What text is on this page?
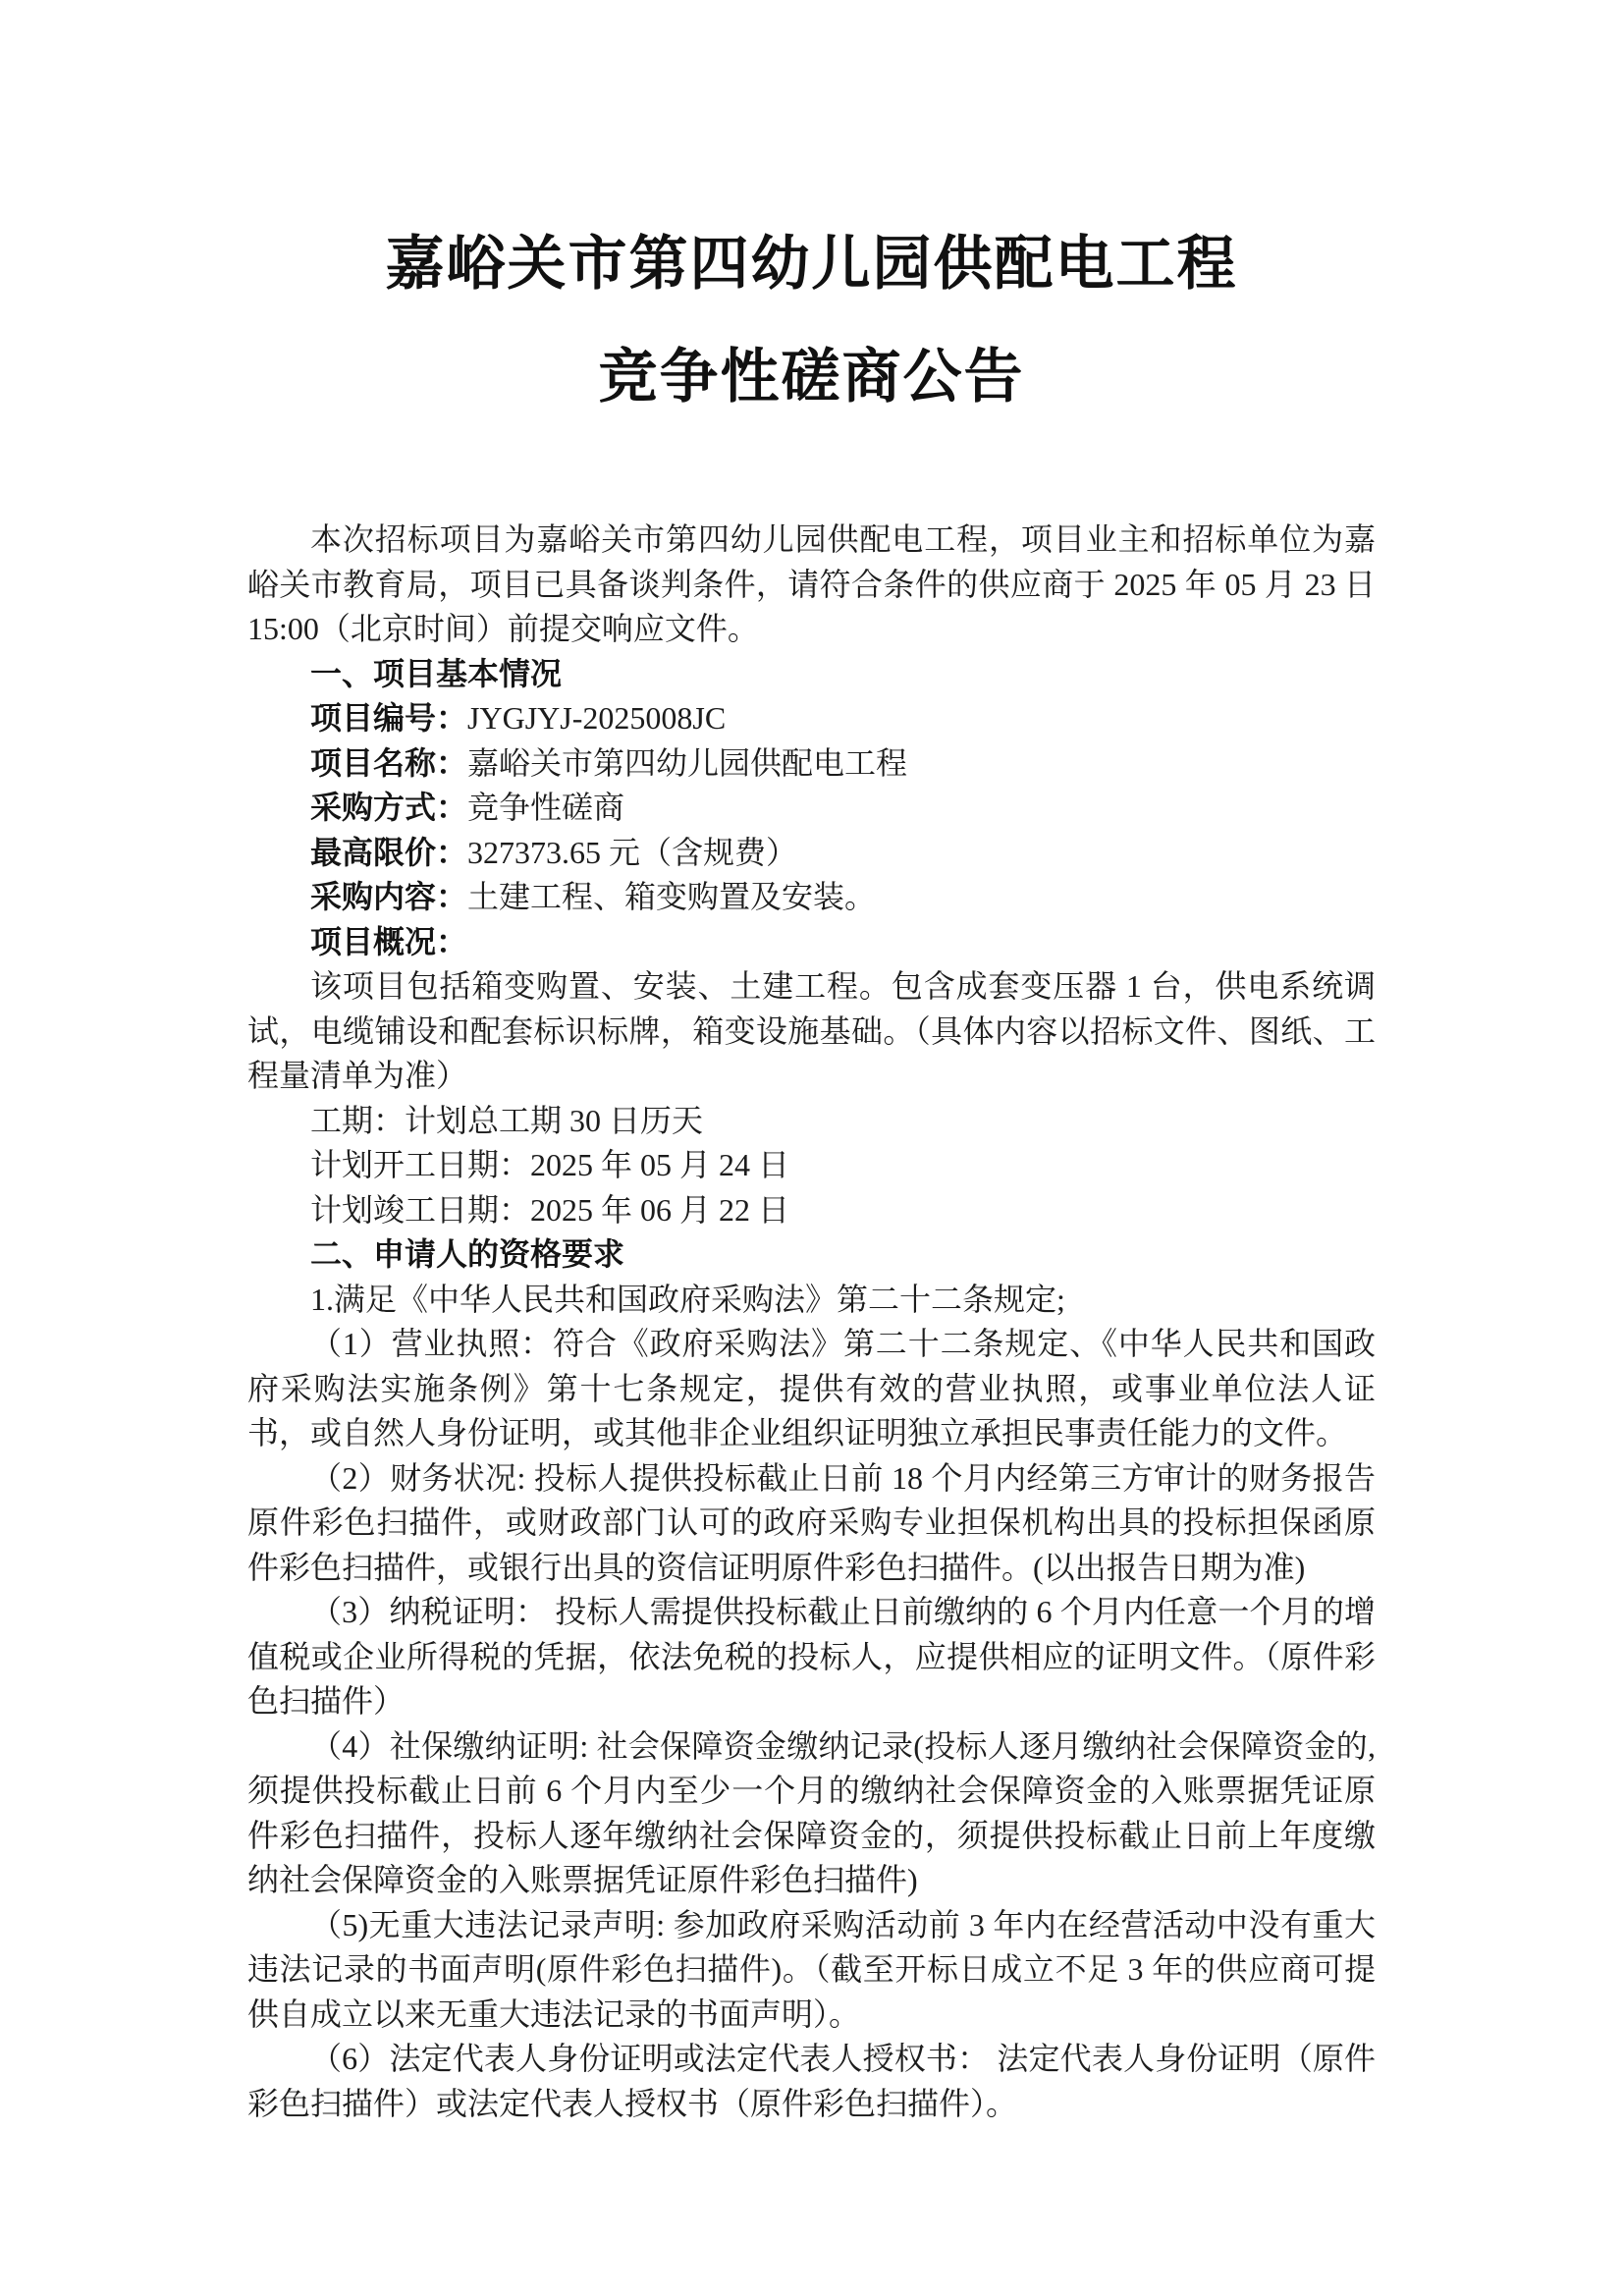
嘉峪关市第四幼儿园供配电工程
竞争性磋商公告

本次招标项目为嘉峪关市第四幼儿园供配电工程，项目业主和招标单位为嘉峪关市教育局，项目已具备谈判条件，请符合条件的供应商于 2025 年 05 月 23 日 15:00（北京时间）前提交响应文件。

一、项目基本情况

项目编号：JYGJYJ-2025008JC

项目名称：嘉峪关市第四幼儿园供配电工程

采购方式：竞争性磋商

最高限价：327373.65 元（含规费）

采购内容：土建工程、箱变购置及安装。

项目概况：

该项目包括箱变购置、安装、土建工程。包含成套变压器 1 台，供电系统调试，电缆铺设和配套标识标牌，箱变设施基础。（具体内容以招标文件、图纸、工程量清单为准）

工期：计划总工期 30 日历天

计划开工日期：2025 年 05 月 24 日

计划竣工日期：2025 年 06 月 22 日

二、申请人的资格要求

1.满足《中华人民共和国政府采购法》第二十二条规定;

（1）营业执照：符合《政府采购法》第二十二条规定、《中华人民共和国政府采购法实施条例》第十七条规定，提供有效的营业执照，或事业单位法人证书，或自然人身份证明，或其他非企业组织证明独立承担民事责任能力的文件。

（2）财务状况: 投标人提供投标截止日前 18 个月内经第三方审计的财务报告原件彩色扫描件，或财政部门认可的政府采购专业担保机构出具的投标担保函原件彩色扫描件，或银行出具的资信证明原件彩色扫描件。(以出报告日期为准)

（3）纳税证明： 投标人需提供投标截止日前缴纳的 6 个月内任意一个月的增值税或企业所得税的凭据，依法免税的投标人，应提供相应的证明文件。（原件彩色扫描件）

（4）社保缴纳证明: 社会保障资金缴纳记录(投标人逐月缴纳社会保障资金的,须提供投标截止日前 6 个月内至少一个月的缴纳社会保障资金的入账票据凭证原件彩色扫描件，投标人逐年缴纳社会保障资金的，须提供投标截止日前上年度缴纳社会保障资金的入账票据凭证原件彩色扫描件)

（5)无重大违法记录声明: 参加政府采购活动前 3 年内在经营活动中没有重大违法记录的书面声明(原件彩色扫描件)。（截至开标日成立不足 3 年的供应商可提供自成立以来无重大违法记录的书面声明）。

（6）法定代表人身份证明或法定代表人授权书： 法定代表人身份证明（原件彩色扫描件）或法定代表人授权书（原件彩色扫描件）。
